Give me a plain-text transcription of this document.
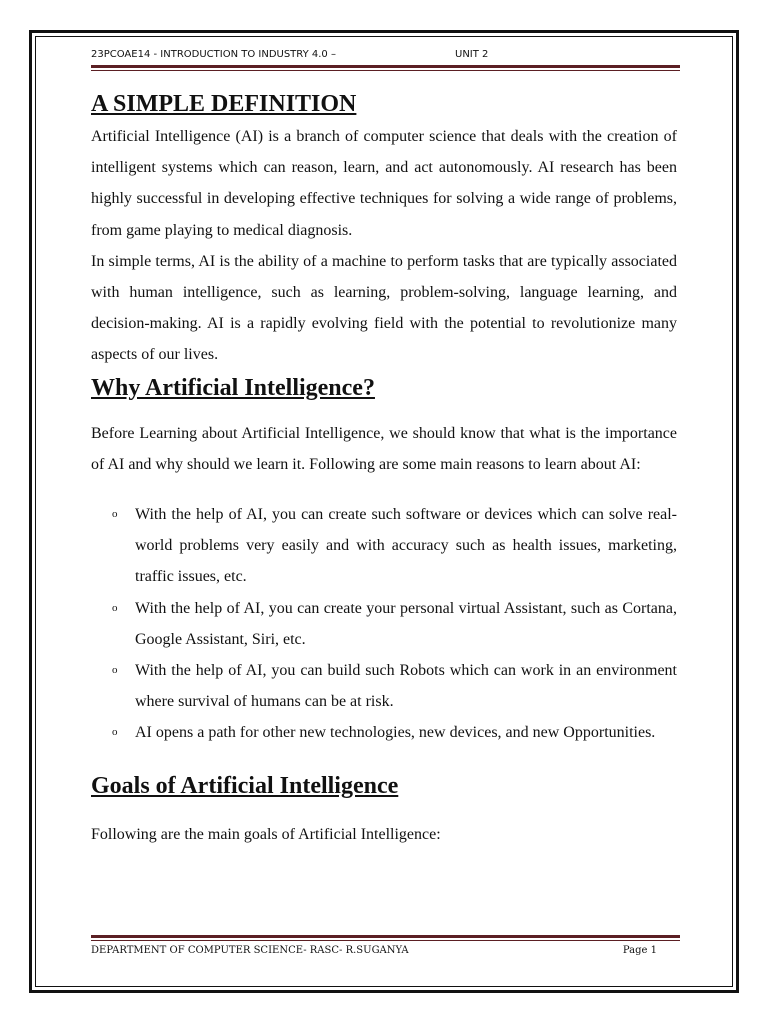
23PCOAE14 - INTRODUCTION TO INDUSTRY 4.0 –	UNIT 2
A SIMPLE DEFINITION

Artificial Intelligence (AI) is a branch of computer science that deals with the creation of intelligent systems which can reason, learn, and act autonomously. AI research has been highly successful in developing effective techniques for solving a wide range of problems, from game playing to medical diagnosis.

In simple terms, AI is the ability of a machine to perform tasks that are typically associated with human intelligence, such as learning, problem-solving, language learning, and decision-making. AI is a rapidly evolving field with the potential to revolutionize many aspects of our lives.

Why Artificial Intelligence?

Before Learning about Artificial Intelligence, we should know that what is the importance of AI and why should we learn it. Following are some main reasons to learn about AI:

o With the help of AI, you can create such software or devices which can solve real-world problems very easily and with accuracy such as health issues, marketing, traffic issues, etc.
o With the help of AI, you can create your personal virtual Assistant, such as Cortana, Google Assistant, Siri, etc.
o With the help of AI, you can build such Robots which can work in an environment where survival of humans can be at risk.
o AI opens a path for other new technologies, new devices, and new Opportunities.
Goals of Artificial Intelligence

Following are the main goals of Artificial Intelligence:

DEPARTMENT OF COMPUTER SCIENCE- RASC- R.SUGANYA	Page 1
